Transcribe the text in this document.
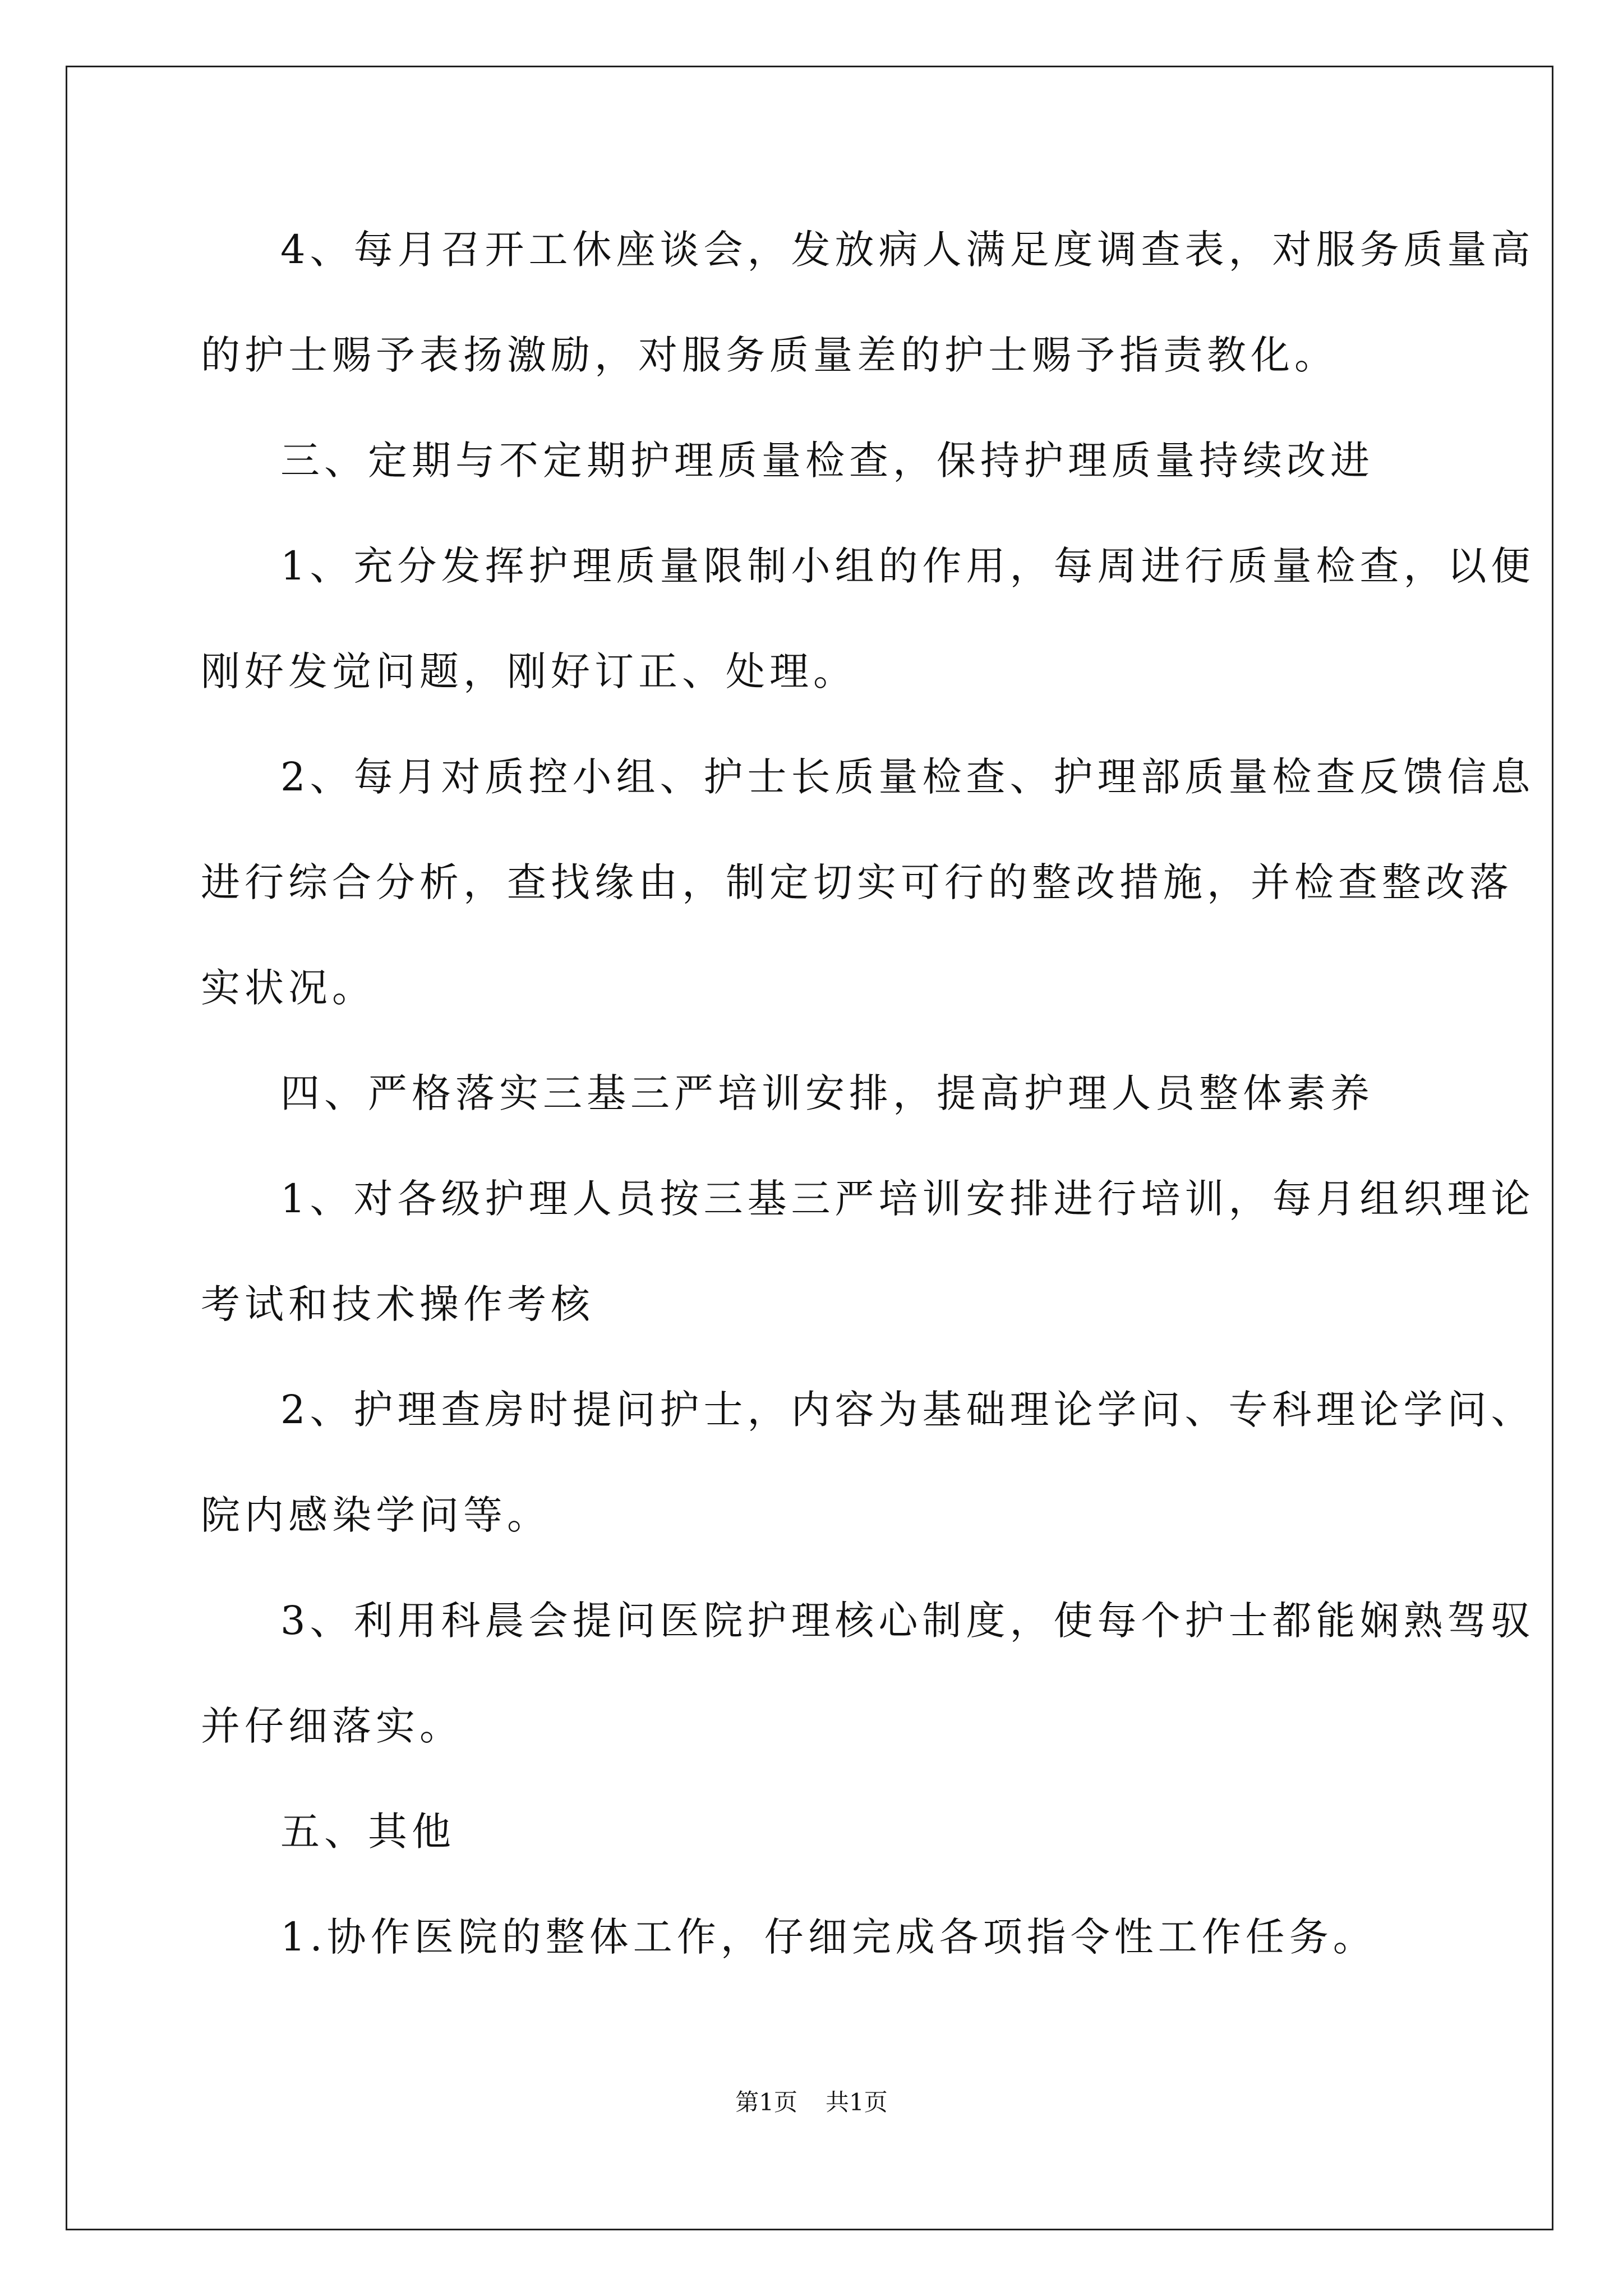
4、每月召开工休座谈会，发放病人满足度调查表，对服务质量高
的护士赐予表扬激励，对服务质量差的护士赐予指责教化。
三、定期与不定期护理质量检查，保持护理质量持续改进
1、充分发挥护理质量限制小组的作用，每周进行质量检查，以便
刚好发觉问题，刚好订正、处理。
2、每月对质控小组、护士长质量检查、护理部质量检查反馈信息
进行综合分析，查找缘由，制定切实可行的整改措施，并检查整改落
实状况。
四、严格落实三基三严培训安排，提高护理人员整体素养
1、对各级护理人员按三基三严培训安排进行培训，每月组织理论
考试和技术操作考核
2、护理查房时提问护士，内容为基础理论学问、专科理论学问、
院内感染学问等。
3、利用科晨会提问医院护理核心制度，使每个护士都能娴熟驾驭
并仔细落实。
五、其他
1.协作医院的整体工作，仔细完成各项指令性工作任务。
第1页 共1页
